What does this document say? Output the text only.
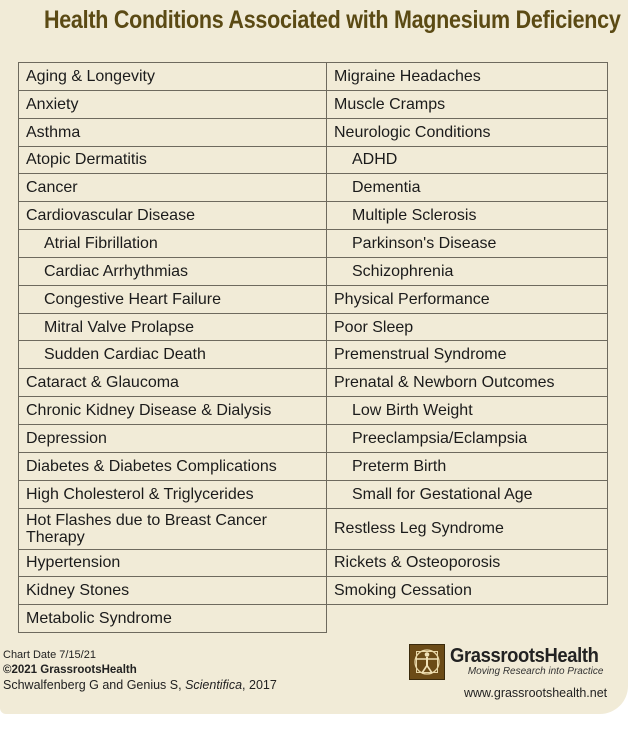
Health Conditions Associated with Magnesium Deficiency
Aging & Longevity	Migraine Headaches
Anxiety	Muscle Cramps
Asthma	Neurologic Conditions
Atopic Dermatitis	ADHD
Cancer	Dementia
Cardiovascular Disease	Multiple Sclerosis
Atrial Fibrillation	Parkinson's Disease
Cardiac Arrhythmias	Schizophrenia
Congestive Heart Failure	Physical Performance
Mitral Valve Prolapse	Poor Sleep
Sudden Cardiac Death	Premenstrual Syndrome
Cataract & Glaucoma	Prenatal & Newborn Outcomes
Chronic Kidney Disease & Dialysis	Low Birth Weight
Depression	Preeclampsia/Eclampsia
Diabetes & Diabetes Complications	Preterm Birth
High Cholesterol & Triglycerides	Small for Gestational Age
Hot Flashes due to Breast Cancer Therapy	Restless Leg Syndrome
Hypertension	Rickets & Osteoporosis
Kidney Stones	Smoking Cessation
Metabolic Syndrome	
Chart Date 7/15/21
©2021 GrassrootsHealth
Schwalfenberg G and Genius S, Scientifica, 2017
GrassrootsHealth
Moving Research into Practice
www.grassrootshealth.net
